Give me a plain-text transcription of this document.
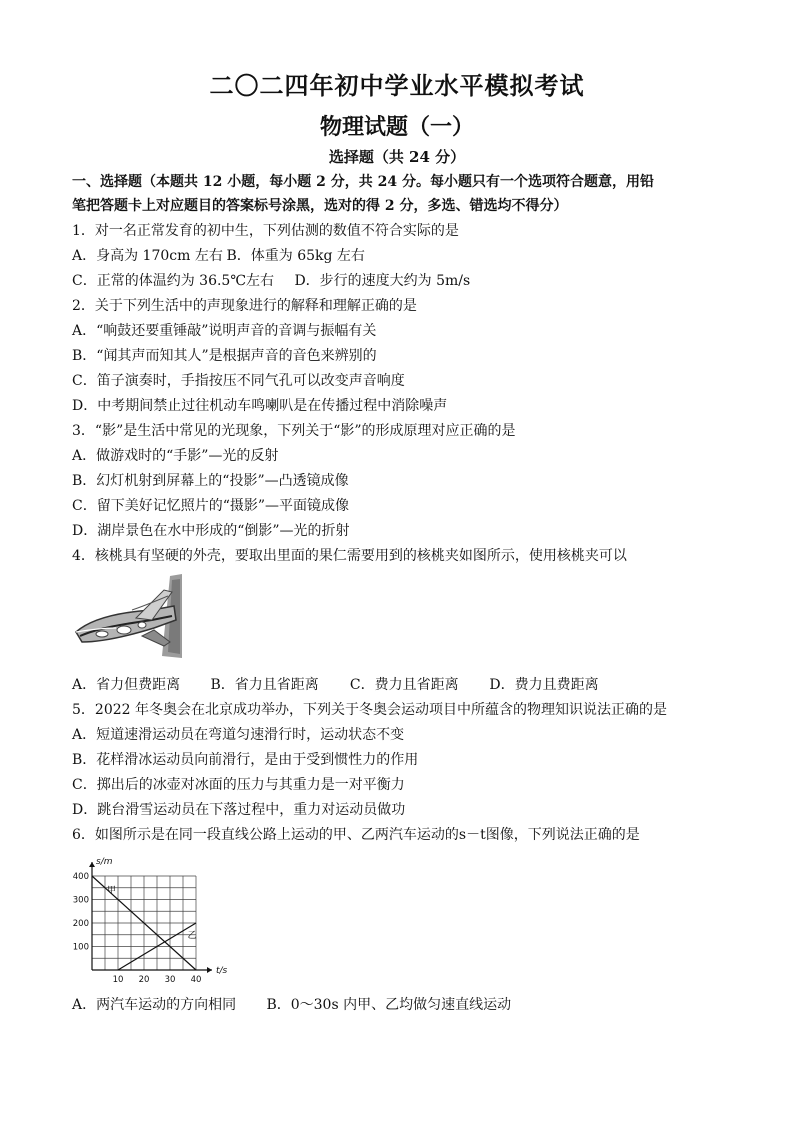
二〇二四年初中学业水平模拟考试
物理试题（一）
选择题（共 24 分）
一、选择题（本题共 12 小题，每小题 2 分，共 24 分。每小题只有一个选项符合题意，用铅
笔把答题卡上对应题目的答案标号涂黑，选对的得 2 分，多选、错选均不得分）
1．对一名正常发育的初中生，下列估测的数值不符合实际的是
A．身高为 170cm 左右 B．体重为 65kg 左右
C．正常的体温约为 36.5℃左右 D．步行的速度大约为 5m/s
2．关于下列生活中的声现象进行的解释和理解正确的是
A．“响鼓还要重锤敲”说明声音的音调与振幅有关
B．“闻其声而知其人”是根据声音的音色来辨别的
C．笛子演奏时，手指按压不同气孔可以改变声音响度
D．中考期间禁止过往机动车鸣喇叭是在传播过程中消除噪声
3．“影”是生活中常见的光现象，下列关于“影”的形成原理对应正确的是
A．做游戏时的“手影”—光的反射
B．幻灯机射到屏幕上的“投影”—凸透镜成像
C．留下美好记忆照片的“摄影”—平面镜成像
D．湖岸景色在水中形成的“倒影”—光的折射
4．核桃具有坚硬的外壳，要取出里面的果仁需要用到的核桃夹如图所示，使用核桃夹可以
A．省力但费距离 B．省力且省距离 C．费力且省距离 D．费力且费距离
5．2022 年冬奥会在北京成功举办，下列关于冬奥会运动项目中所蕴含的物理知识说法正确的是
A．短道速滑运动员在弯道匀速滑行时，运动状态不变
B．花样滑冰运动员向前滑行，是由于受到惯性力的作用
C．掷出后的冰壶对冰面的压力与其重力是一对平衡力
D．跳台滑雪运动员在下落过程中，重力对运动员做功
6．如图所示是在同一段直线公路上运动的甲、乙两汽车运动的s－t图像，下列说法正确的是
t/s
s/m
10 20 30 40
100
200
300
400
甲
乙
A．两汽车运动的方向相同 B．0～30s 内甲、乙均做匀速直线运动
